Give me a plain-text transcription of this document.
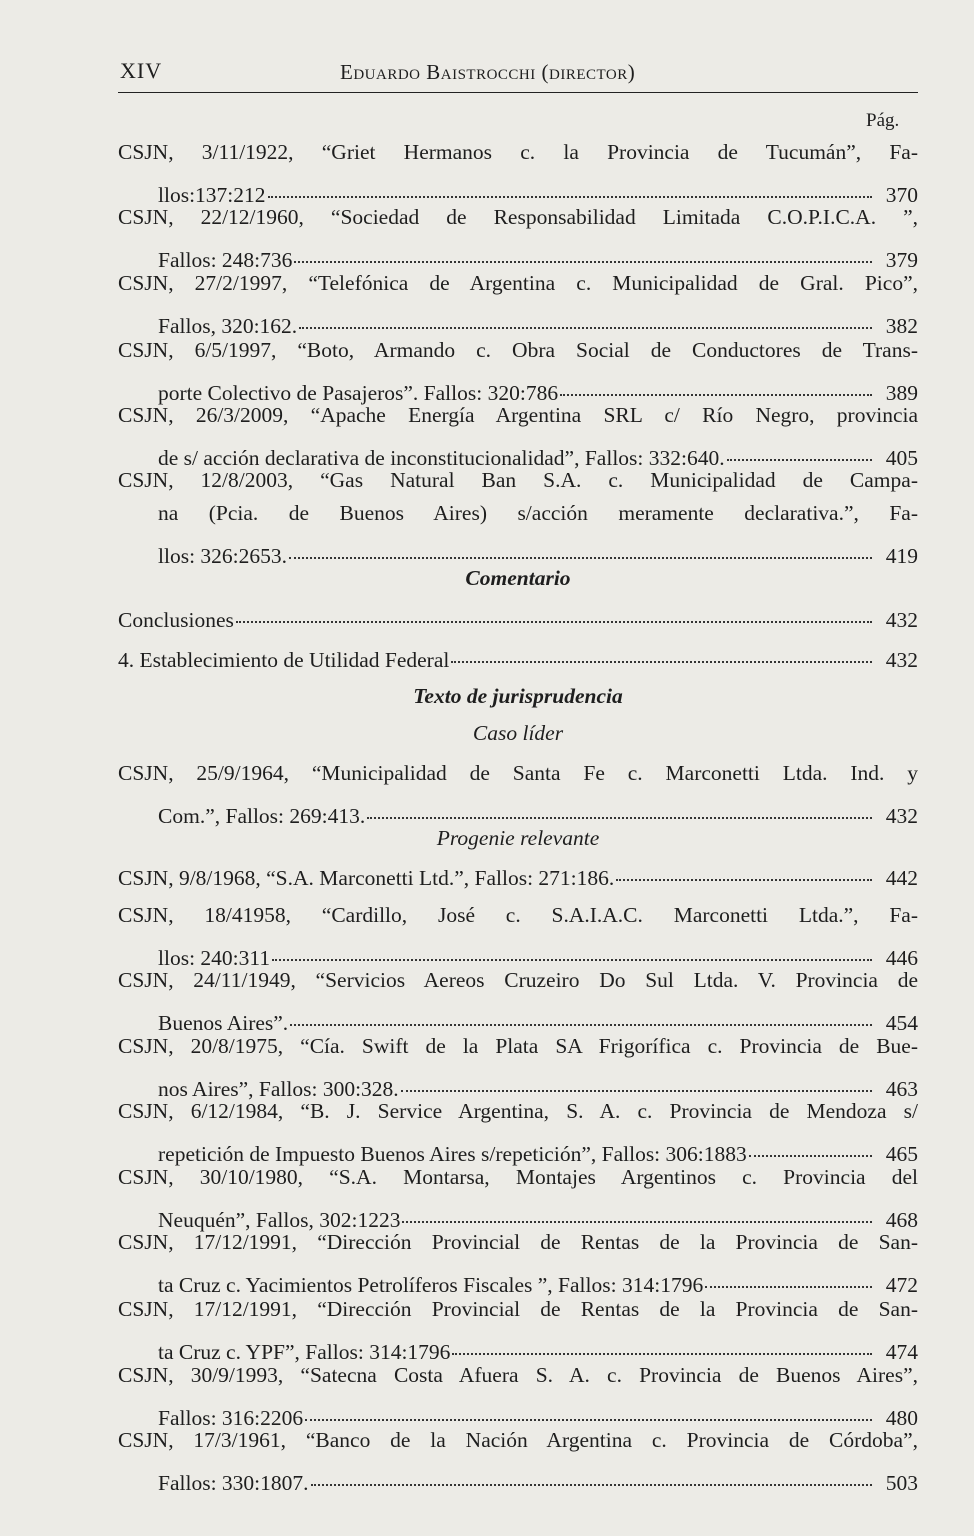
XIV	Eduardo Baistrocchi (director)
Pág.
CSJN, 3/11/1922, “Griet Hermanos c. la Provincia de Tucumán”, Fa-
llos:137:212	370
CSJN, 22/12/1960, “Sociedad de Responsabilidad Limitada C.O.P.I.C.A. ”,
Fallos: 248:736	379
CSJN, 27/2/1997, “Telefónica de Argentina c. Municipalidad de Gral. Pico”,
Fallos, 320:162.	382
CSJN, 6/5/1997, “Boto, Armando c. Obra Social de Conductores de Trans-
porte Colectivo de Pasajeros”. Fallos: 320:786	389
CSJN, 26/3/2009, “Apache Energía Argentina SRL c/ Río Negro, provincia
de s/ acción declarativa de inconstitucionalidad”, Fallos: 332:640.	405
CSJN, 12/8/2003, “Gas Natural Ban S.A. c. Municipalidad de Campa-
na (Pcia. de Buenos Aires) s/acción meramente declarativa.”, Fa-
llos: 326:2653.	419
Comentario
Conclusiones	432
4. Establecimiento de Utilidad Federal	432
Texto de jurisprudencia
Caso líder
CSJN, 25/9/1964, “Municipalidad de Santa Fe c. Marconetti Ltda. Ind. y
Com.”, Fallos: 269:413.	432
Progenie relevante
CSJN, 9/8/1968, “S.A. Marconetti Ltd.”, Fallos: 271:186.	442
CSJN, 18/41958, “Cardillo, José c. S.A.I.A.C. Marconetti Ltda.”, Fa-
llos: 240:311	446
CSJN, 24/11/1949, “Servicios Aereos Cruzeiro Do Sul Ltda. V. Provincia de
Buenos Aires”.	454
CSJN, 20/8/1975, “Cía. Swift de la Plata SA Frigorífica c. Provincia de Bue-
nos Aires”, Fallos: 300:328.	463
CSJN, 6/12/1984, “B. J. Service Argentina, S. A. c. Provincia de Mendoza s/
repetición de Impuesto Buenos Aires s/repetición”, Fallos: 306:1883	465
CSJN, 30/10/1980, “S.A. Montarsa, Montajes Argentinos c. Provincia del
Neuquén”, Fallos, 302:1223	468
CSJN, 17/12/1991, “Dirección Provincial de Rentas de la Provincia de San-
ta Cruz c. Yacimientos Petrolíferos Fiscales ”, Fallos: 314:1796	472
CSJN, 17/12/1991, “Dirección Provincial de Rentas de la Provincia de San-
ta Cruz c. YPF”, Fallos: 314:1796	474
CSJN, 30/9/1993, “Satecna Costa Afuera S. A. c. Provincia de Buenos Aires”,
Fallos: 316:2206	480
CSJN, 17/3/1961, “Banco de la Nación Argentina c. Provincia de Córdoba”,
Fallos: 330:1807.	503
